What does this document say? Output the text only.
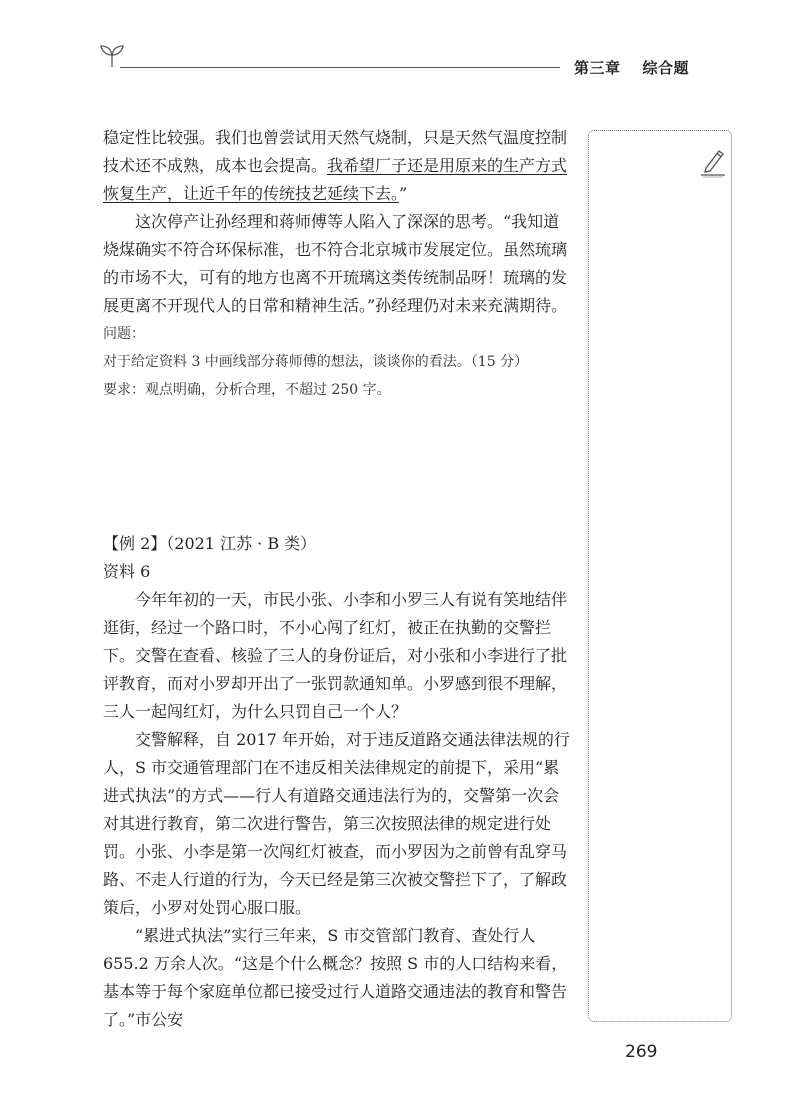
第三章 综合题

稳定性比较强。我们也曾尝试用天然气烧制，只是天然气温度控制技术还不成熟，成本也会提高。我希望厂子还是用原来的生产方式恢复生产，让近千年的传统技艺延续下去。”

这次停产让孙经理和蒋师傅等人陷入了深深的思考。“我知道烧煤确实不符合环保标准，也不符合北京城市发展定位。虽然琉璃的市场不大，可有的地方也离不开琉璃这类传统制品呀！琉璃的发展更离不开现代人的日常和精神生活。”孙经理仍对未来充满期待。

问题：

对于给定资料 3 中画线部分蒋师傅的想法，谈谈你的看法。（15 分）

要求：观点明确，分析合理，不超过 250 字。

【例 2】（2021 江苏 · B 类）

资料 6

今年年初的一天，市民小张、小李和小罗三人有说有笑地结伴逛街，经过一个路口时，不小心闯了红灯，被正在执勤的交警拦下。交警在查看、核验了三人的身份证后，对小张和小李进行了批评教育，而对小罗却开出了一张罚款通知单。小罗感到很不理解，三人一起闯红灯，为什么只罚自己一个人？

交警解释，自 2017 年开始，对于违反道路交通法律法规的行人，S 市交通管理部门在不违反相关法律规定的前提下，采用“累进式执法”的方式——行人有道路交通违法行为的，交警第一次会对其进行教育，第二次进行警告，第三次按照法律的规定进行处罚。小张、小李是第一次闯红灯被查，而小罗因为之前曾有乱穿马路、不走人行道的行为，今天已经是第三次被交警拦下了，了解政策后，小罗对处罚心服口服。

“累进式执法”实行三年来，S 市交管部门教育、查处行人 655.2 万余人次。“这是个什么概念？按照 S 市的人口结构来看，基本等于每个家庭单位都已接受过行人道路交通违法的教育和警告了。”市公安

269
